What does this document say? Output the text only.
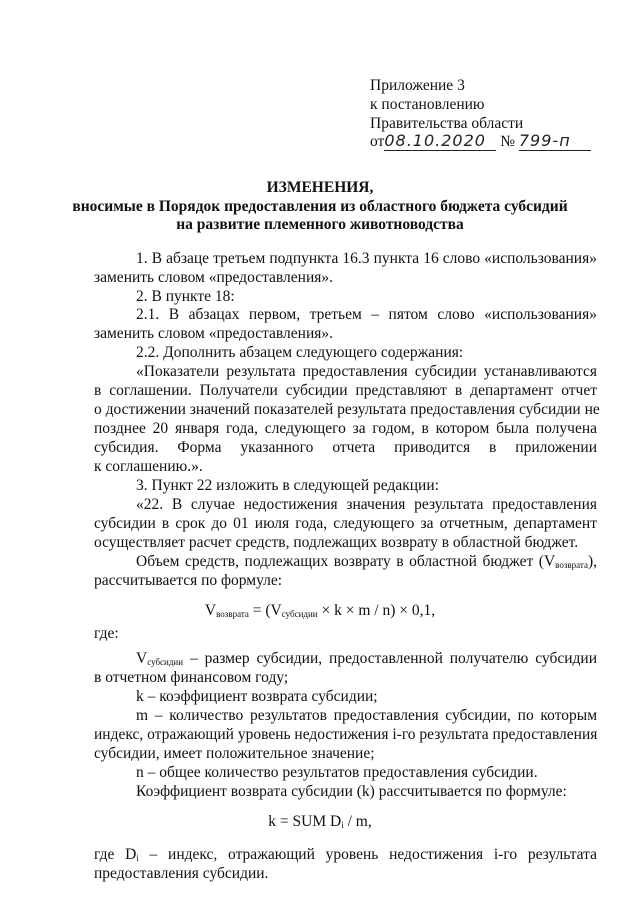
Приложение 3
к постановлению
Правительства области
от08.10.2020 № 799-п
ИЗМЕНЕНИЯ,
вносимые в Порядок предоставления из областного бюджета субсидий
на развитие племенного животноводства
1. В абзаце третьем подпункта 16.3 пункта 16 слово «использования»
заменить словом «предоставления».
2. В пункте 18:
2.1. В абзацах первом, третьем – пятом слово «использования»
заменить словом «предоставления».
2.2. Дополнить абзацем следующего содержания:
«Показатели результата предоставления субсидии устанавливаются
в соглашении. Получатели субсидии представляют в департамент отчет
о достижении значений показателей результата предоставления субсидии не
позднее 20 января года, следующего за годом, в котором была получена
субсидия. Форма указанного отчета приводится в приложении
к соглашению.».
3. Пункт 22 изложить в следующей редакции:
«22. В случае недостижения значения результата предоставления
субсидии в срок до 01 июля года, следующего за отчетным, департамент
осуществляет расчет средств, подлежащих возврату в областной бюджет.
Объем средств, подлежащих возврату в областной бюджет $(V_{возврата})$,
рассчитывается по формуле:
$V_{возврата} = (V_{субсидии} \times k \times m / n) \times 0,1$,
где:
$V_{субсидии}$ – размер субсидии, предоставленной получателю субсидии
в отчетном финансовом году;
k – коэффициент возврата субсидии;
m – количество результатов предоставления субсидии, по которым
индекс, отражающий уровень недостижения i-го результата предоставления
субсидии, имеет положительное значение;
n – общее количество результатов предоставления субсидии.
Коэффициент возврата субсидии (k) рассчитывается по формуле:
k = SUM $D_i$ / m,
где $D_i$ – индекс, отражающий уровень недостижения i-го результата
предоставления субсидии.
